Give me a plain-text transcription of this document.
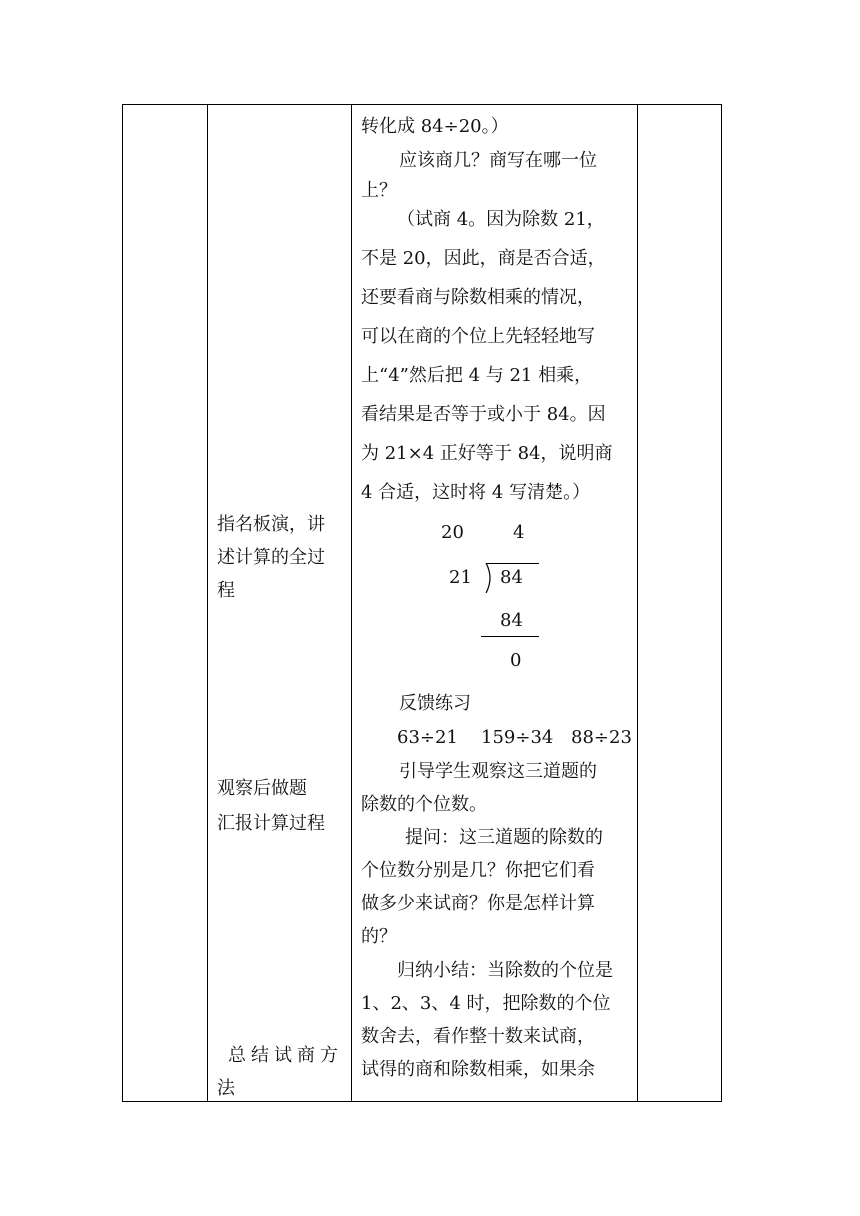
指名板演，讲
述计算的全过
程
观察后做题
汇报计算过程
总结试商方
法
转化成 84÷20。）
应该商几？商写在哪一位
上？
（试商 4。因为除数 21，
不是 20，因此，商是否合适，
还要看商与除数相乘的情况，
可以在商的个位上先轻轻地写
上“4”然后把 4 与 21 相乘，
看结果是否等于或小于 84。因
为 21×4 正好等于 84，说明商
4 合适，这时将 4 写清楚。）
20	4
21 84
84
0
反馈练习
63÷21 159÷34 88÷23
引导学生观察这三道题的
除数的个位数。
提问：这三道题的除数的
个位数分别是几？你把它们看
做多少来试商？你是怎样计算
的？
归纳小结：当除数的个位是
1、2、3、4 时，把除数的个位
数舍去，看作整十数来试商，
试得的商和除数相乘，如果余
